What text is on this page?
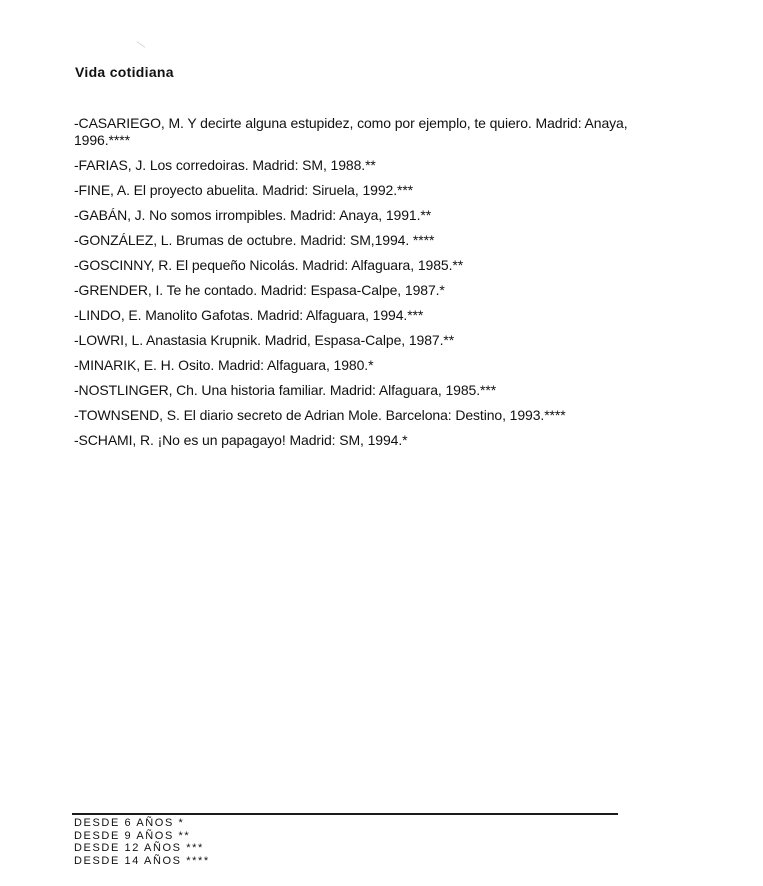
Vida cotidiana
-CASARIEGO, M. Y decirte alguna estupidez, como por ejemplo, te quiero. Madrid: Anaya, 1996.****
-FARIAS, J. Los corredoiras. Madrid: SM, 1988.**
-FINE, A. El proyecto abuelita. Madrid: Siruela, 1992.***
-GABÁN, J. No somos irrompibles. Madrid: Anaya, 1991.**
-GONZÁLEZ, L. Brumas de octubre. Madrid: SM,1994. ****
-GOSCINNY, R. El pequeño Nicolás. Madrid: Alfaguara, 1985.**
-GRENDER, I. Te he contado. Madrid: Espasa-Calpe, 1987.*
-LINDO, E. Manolito Gafotas. Madrid: Alfaguara, 1994.***
-LOWRI, L. Anastasia Krupnik. Madrid, Espasa-Calpe, 1987.**
-MINARIK, E. H. Osito. Madrid: Alfaguara, 1980.*
-NOSTLINGER, Ch. Una historia familiar. Madrid: Alfaguara, 1985.***
-TOWNSEND, S. El diario secreto de Adrian Mole. Barcelona: Destino, 1993.****
-SCHAMI, R. ¡No es un papagayo! Madrid: SM, 1994.*
DESDE 6 AÑOS *
DESDE 9 AÑOS **
DESDE 12 AÑOS ***
DESDE 14 AÑOS ****
